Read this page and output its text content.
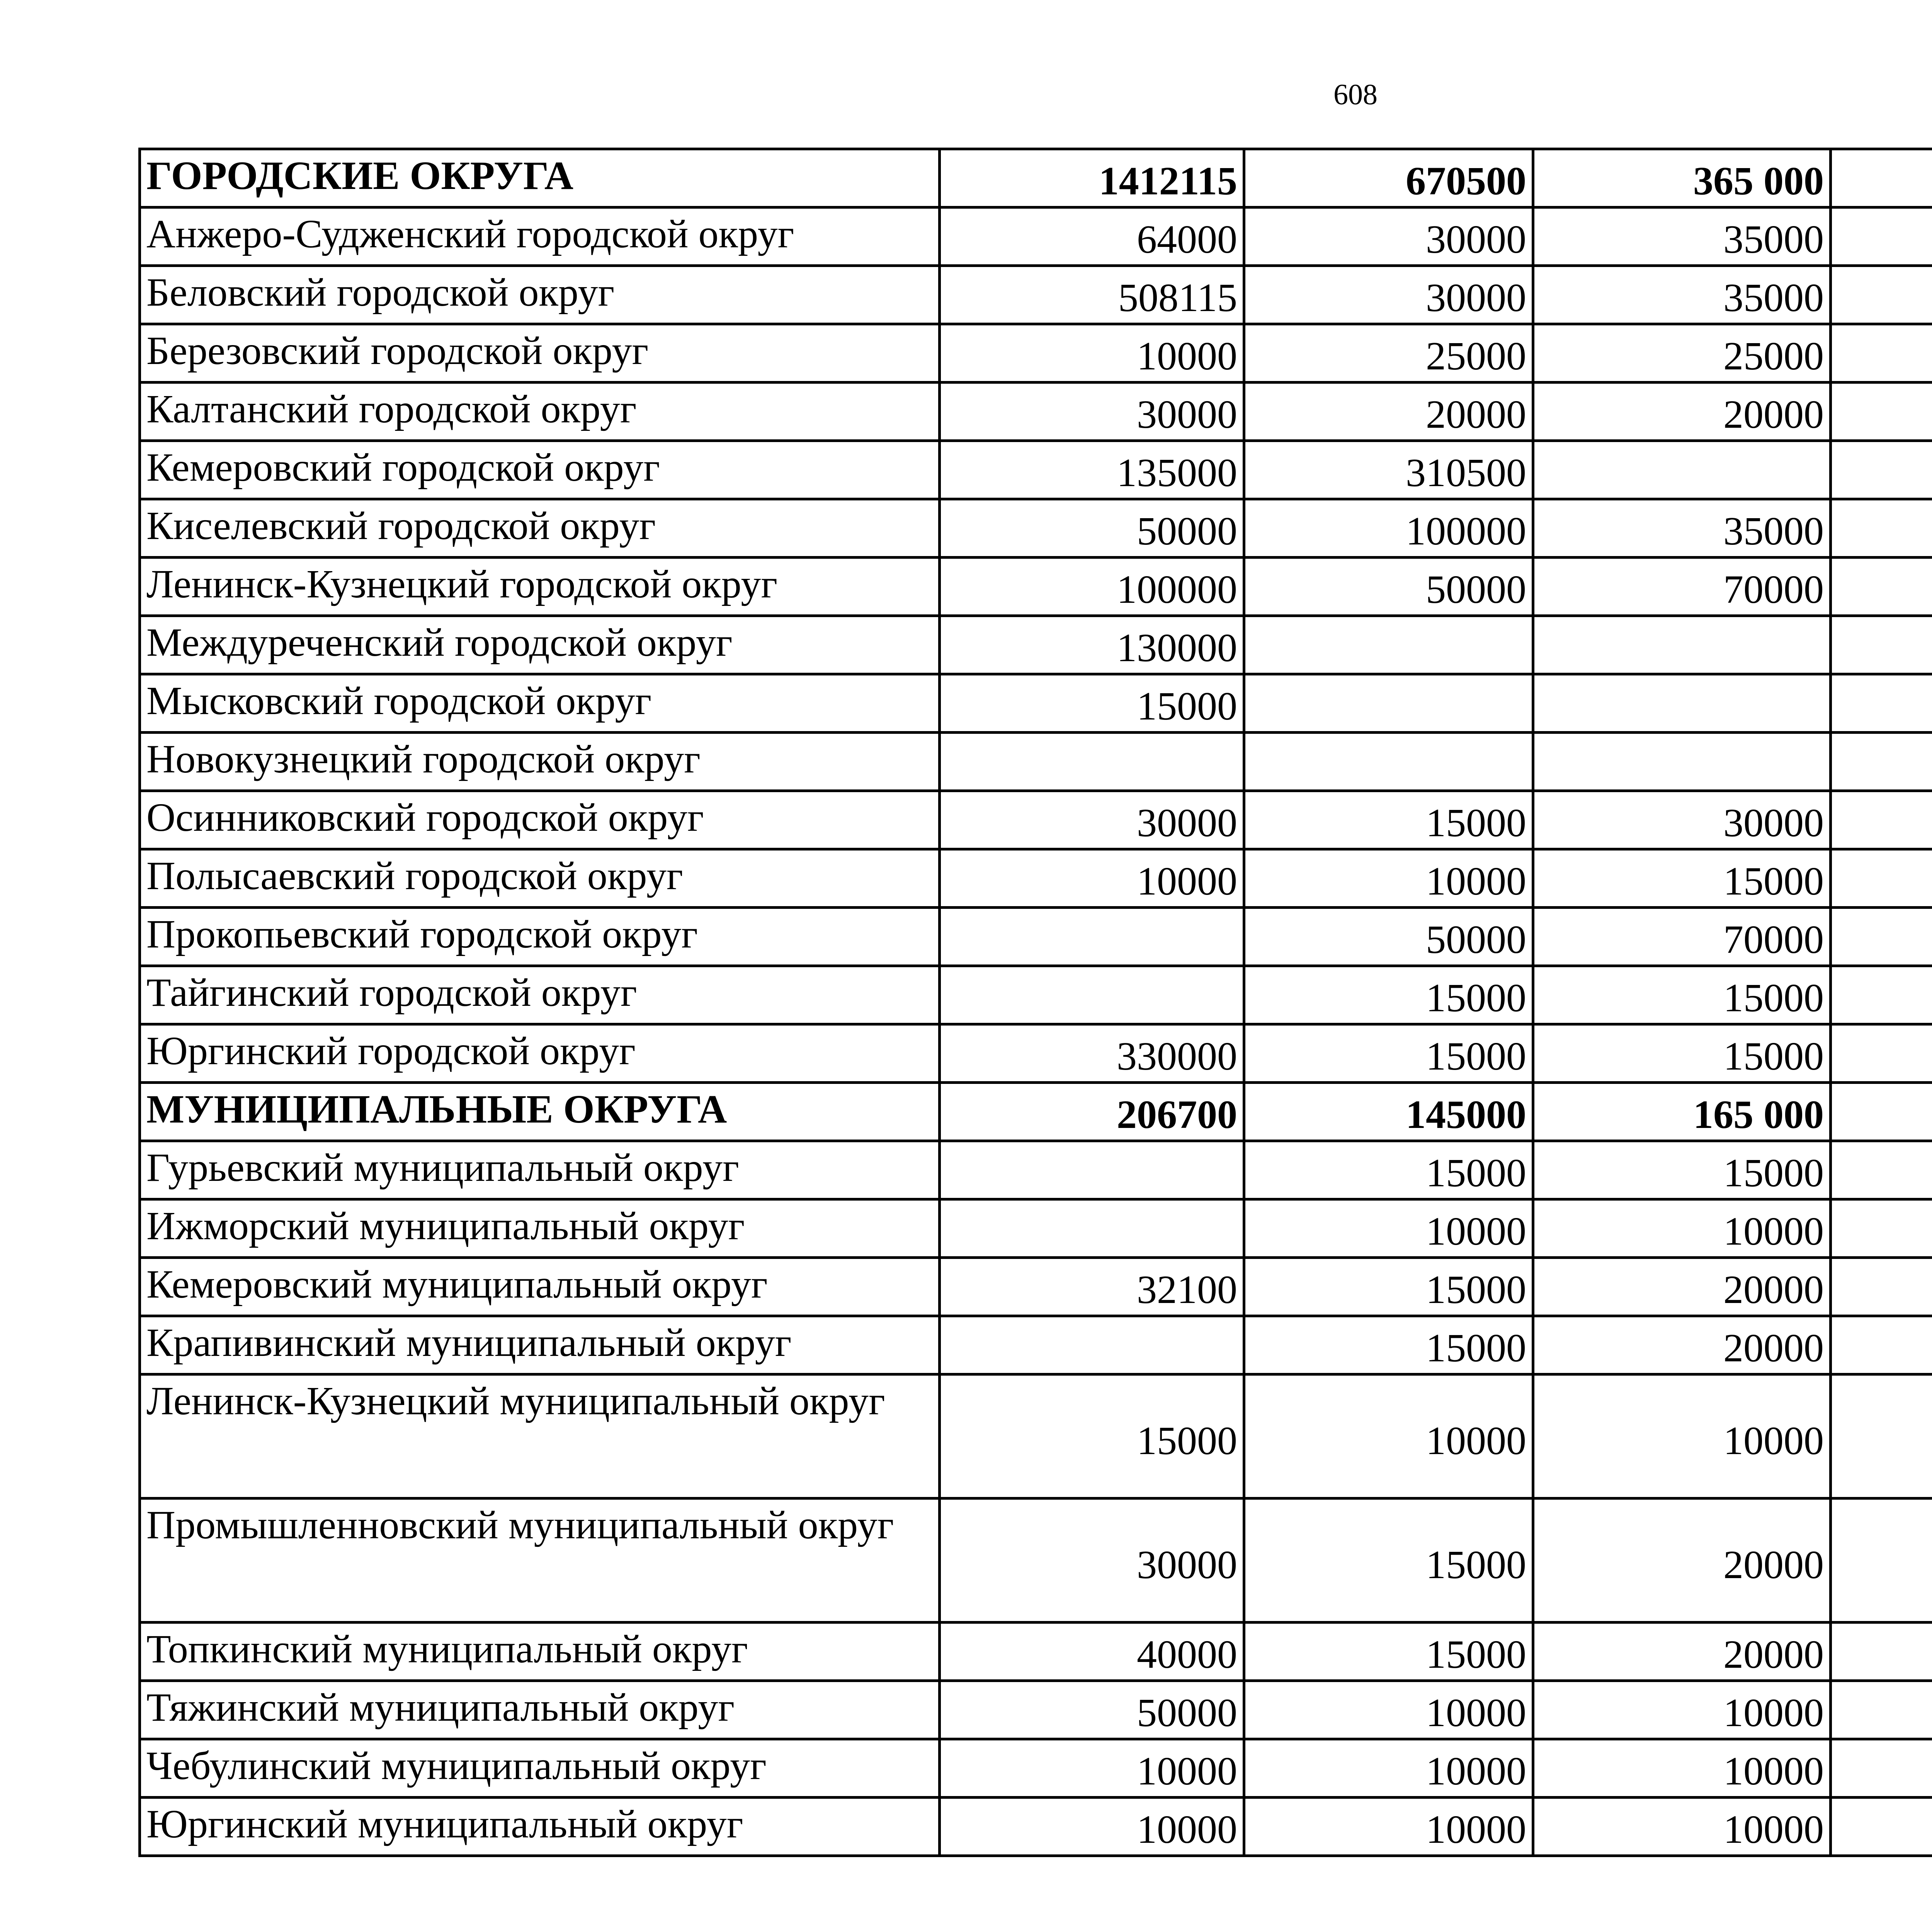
608
ГОРОДСКИЕ ОКРУГА	1412115	670500	365 000			
Анжеро-Судженский городской округ	64000	30000	35000			
Беловский городской округ	508115	30000	35000			
Березовский городской округ	10000	25000	25000			
Калтанский городской округ	30000	20000	20000			
Кемеровский городской округ	135000	310500				
Киселевский городской округ	50000	100000	35000			
Ленинск-Кузнецкий городской округ	100000	50000	70000			
Междуреченский городской округ	130000					
Мысковский городской округ	15000					
Новокузнецкий городской округ						
Осинниковский городской округ	30000	15000	30000			
Полысаевский городской округ	10000	10000	15000			
Прокопьевский городской округ		50000	70000			
Тайгинский городской округ		15000	15000			
Юргинский городской округ	330000	15000	15000			
МУНИЦИПАЛЬНЫЕ ОКРУГА	206700	145000	165 000			
Гурьевский муниципальный округ		15000	15000			
Ижморский муниципальный округ		10000	10000			
Кемеровский муниципальный округ	32100	15000	20000			
Крапивинский муниципальный округ		15000	20000			
Ленинск-Кузнецкий муниципальный округ	15000	10000	10000			
Промышленновский муниципальный округ	30000	15000	20000			
Топкинский муниципальный округ	40000	15000	20000			
Тяжинский муниципальный округ	50000	10000	10000			
Чебулинский муниципальный округ	10000	10000	10000			
Юргинский муниципальный округ	10000	10000	10000			
